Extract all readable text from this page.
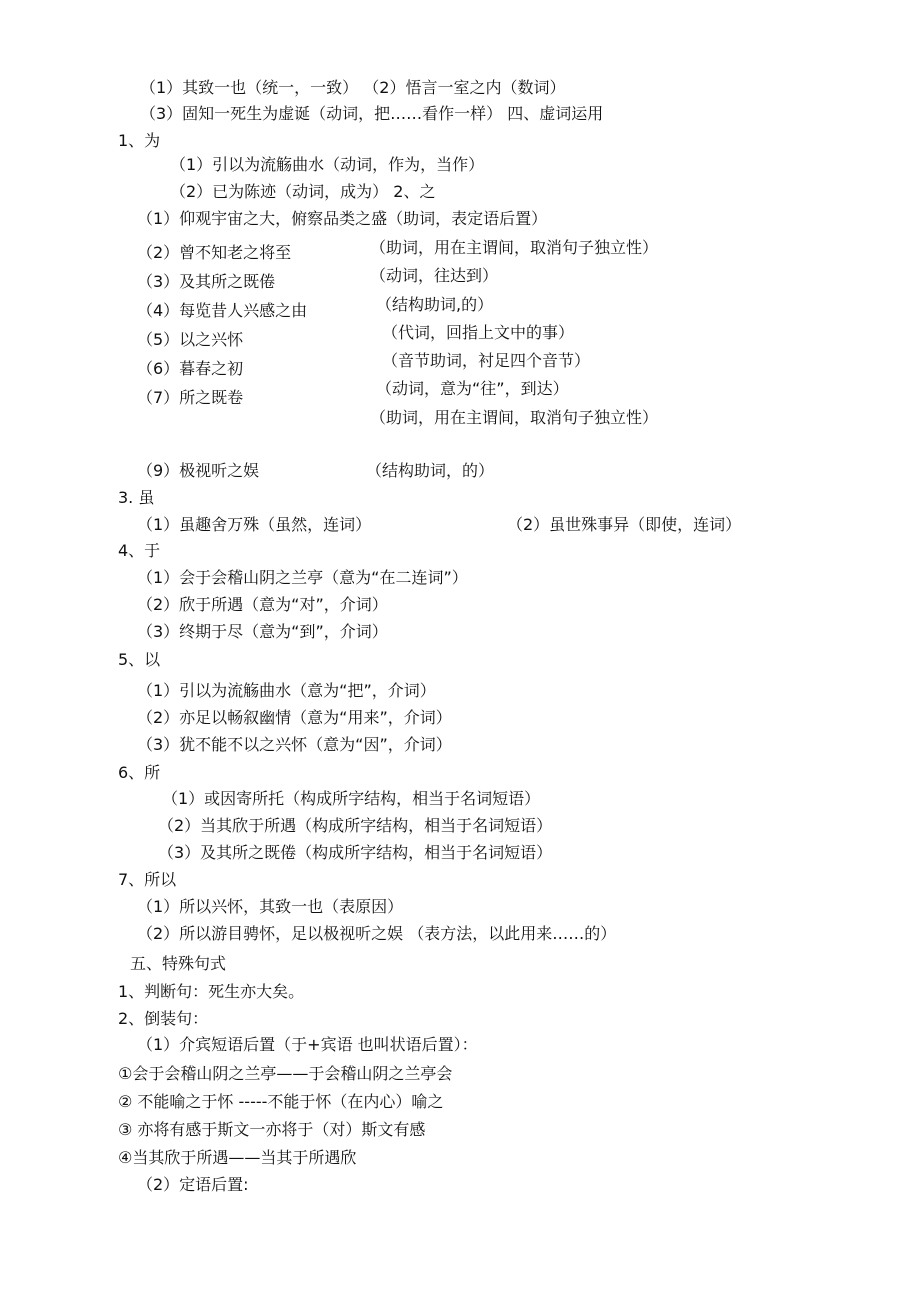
（1）其致一也（统一，一致） （2）悟言一室之内（数词）
（3）固知一死生为虚诞（动词，把……看作一样） 四、虚词运用
1、为
（1）引以为流觞曲水（动词，作为，当作）
（2）已为陈迹（动词，成为） 2、之
（1）仰观宇宙之大，俯察品类之盛（助词，表定语后置）
（2）曾不知老之将至	（助词，用在主谓间，取消句子独立性）
（3）及其所之既倦	（动词，往达到）
（4）每览昔人兴感之由	（结构助词,的）
（5）以之兴怀	（代词，回指上文中的事）
（6）暮春之初	（音节助词，衬足四个音节）
（7）所之既卷	（动词，意为“往”，到达）
（助词，用在主谓间，取消句子独立性）
（9）极视听之娱	（结构助词，的）
3. 虽
（1）虽趣舍万殊（虽然，连词）	（2）虽世殊事异（即使，连词）
4、于
（1）会于会稽山阴之兰亭（意为“在二连词”）
（2）欣于所遇（意为“对”，介词）
（3）终期于尽（意为“到”，介词）
5、以
（1）引以为流觞曲水（意为“把”，介词）
（2）亦足以畅叙幽情（意为“用来”，介词）
（3）犹不能不以之兴怀（意为“因”，介词）
6、所
（1）或因寄所托（构成所字结构，相当于名词短语）
（2）当其欣于所遇（构成所字结构，相当于名词短语）
（3）及其所之既倦（构成所字结构，相当于名词短语）
7、所以
（1）所以兴怀，其致一也（表原因）
（2）所以游目骋怀，足以极视听之娱 （表方法，以此用来……的）
五、特殊句式
1、判断句：死生亦大矣。
2、倒装句：
（1）介宾短语后置（于+宾语 也叫状语后置）：
①会于会稽山阴之兰亭——于会稽山阴之兰亭会
② 不能喻之于怀 -----不能于怀（在内心）喻之
③ 亦将有感于斯文一亦将于（对）斯文有感
④当其欣于所遇——当其于所遇欣
（2）定语后置:
